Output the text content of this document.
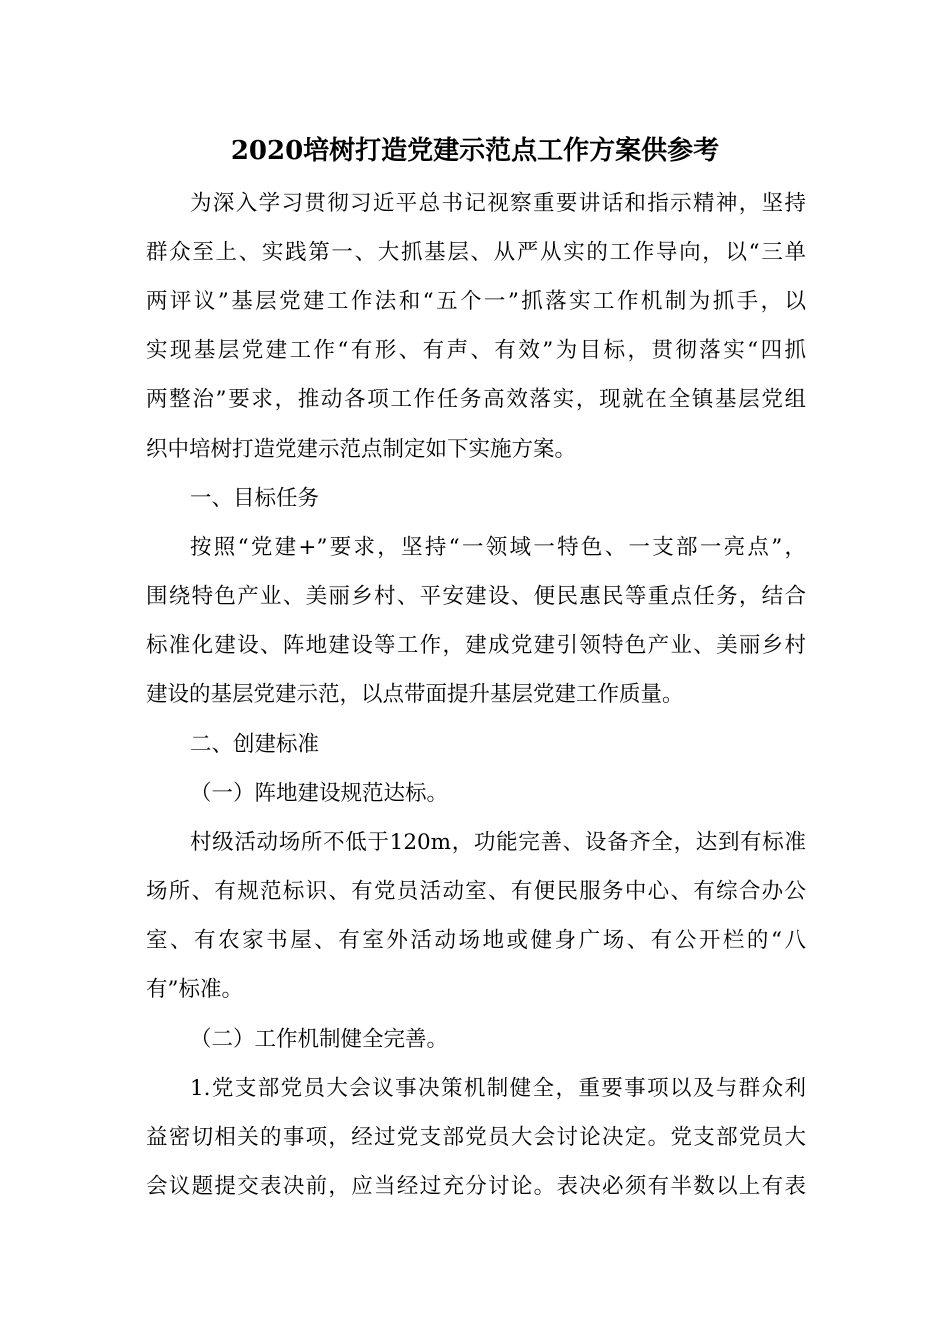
2020培树打造党建示范点工作方案供参考
为深入学习贯彻习近平总书记视察重要讲话和指示精神，坚持
群众至上、实践第一、大抓基层、从严从实的工作导向，以“三单
两评议”基层党建工作法和“五个一”抓落实工作机制为抓手，以
实现基层党建工作“有形、有声、有效”为目标，贯彻落实“四抓
两整治”要求，推动各项工作任务高效落实，现就在全镇基层党组
织中培树打造党建示范点制定如下实施方案。
一、目标任务
按照“党建+”要求，坚持“一领域一特色、一支部一亮点”，
围绕特色产业、美丽乡村、平安建设、便民惠民等重点任务，结合
标准化建设、阵地建设等工作，建成党建引领特色产业、美丽乡村
建设的基层党建示范，以点带面提升基层党建工作质量。
二、创建标准
（一）阵地建设规范达标。
村级活动场所不低于120m，功能完善、设备齐全，达到有标准
场所、有规范标识、有党员活动室、有便民服务中心、有综合办公
室、有农家书屋、有室外活动场地或健身广场、有公开栏的“八
有”标准。
（二）工作机制健全完善。
1.党支部党员大会议事决策机制健全，重要事项以及与群众利
益密切相关的事项，经过党支部党员大会讨论决定。党支部党员大
会议题提交表决前，应当经过充分讨论。表决必须有半数以上有表
